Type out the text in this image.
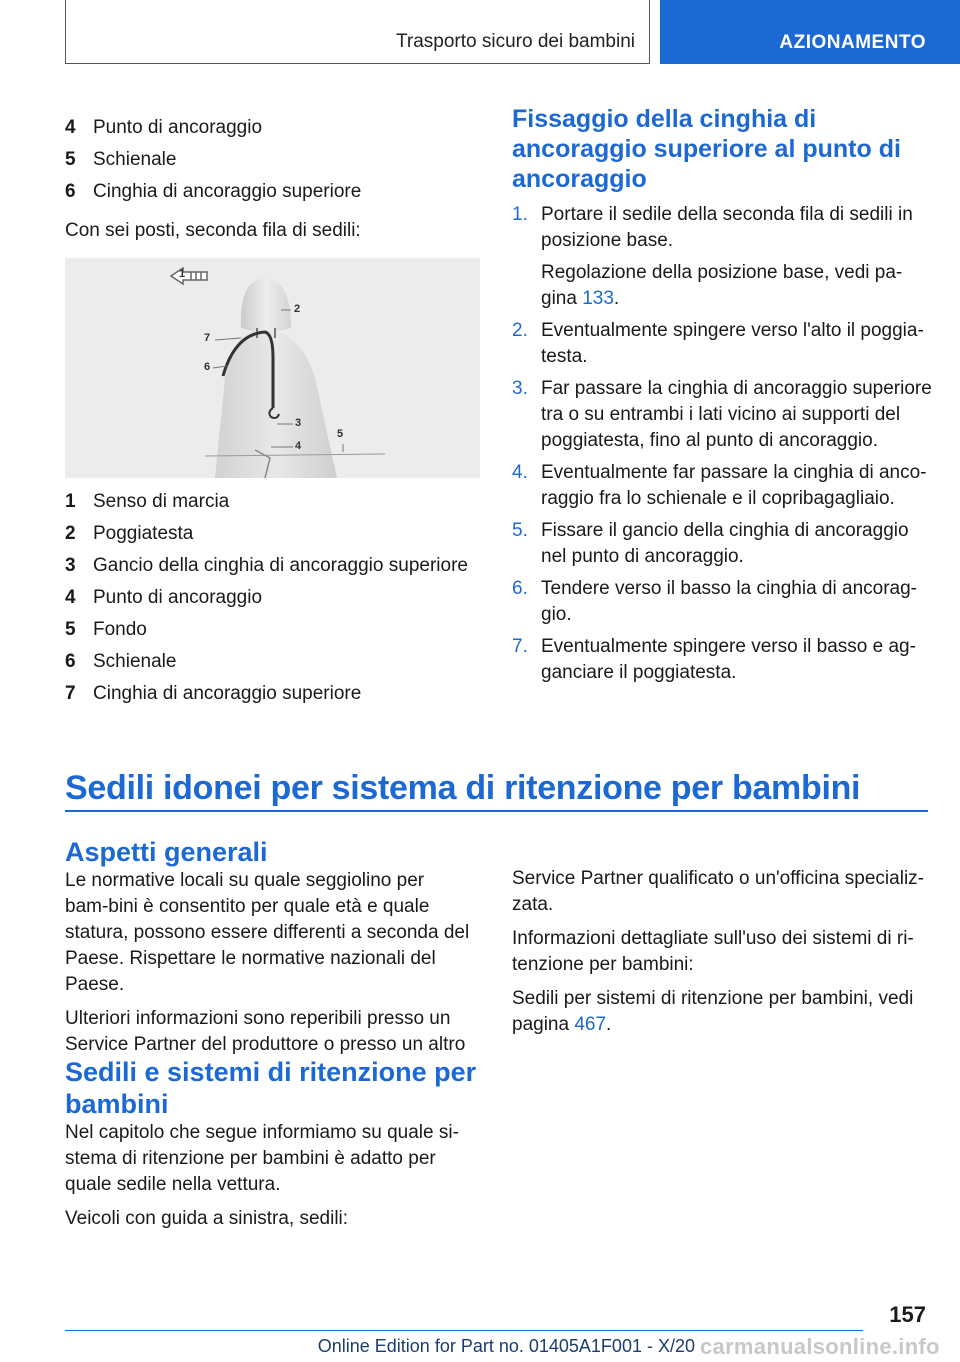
Trasporto sicuro dei bambini	AZIONAMENTO
4 Punto di ancoraggio
5 Schienale
6 Cinghia di ancoraggio superiore

Con sei posti, seconda fila di sedili:

1
2
7
6
3
5
4
1 Senso di marcia
2 Poggiatesta
3 Gancio della cinghia di ancoraggio superiore
4 Punto di ancoraggio
5 Fondo
6 Schienale
7 Cinghia di ancoraggio superiore
Fissaggio della cinghia di ancoraggio superiore al punto di ancoraggio
1. Portare il sedile della seconda fila di sedili in posizione base.
Regolazione della posizione base, vedi pa-gina 133.
2. Eventualmente spingere verso l'alto il poggia-testa.
3. Far passare la cinghia di ancoraggio superiore tra o su entrambi i lati vicino ai supporti del poggiatesta, fino al punto di ancoraggio.
4. Eventualmente far passare la cinghia di anco-raggio fra lo schienale e il copribagagliaio.
5. Fissare il gancio della cinghia di ancoraggio nel punto di ancoraggio.
6. Tendere verso il basso la cinghia di ancorag-gio.
7. Eventualmente spingere verso il basso e ag-ganciare il poggiatesta.
Sedili idonei per sistema di ritenzione per bambini
Aspetti generali

Le normative locali su quale seggiolino per bam-bini è consentito per quale età e quale statura, possono essere differenti a seconda del Paese. Rispettare le normative nazionali del Paese.

Ulteriori informazioni sono reperibili presso un Service Partner del produttore o presso un altro

Service Partner qualificato o un'officina specializ-zata.

Informazioni dettagliate sull'uso dei sistemi di ri-tenzione per bambini:

Sedili per sistemi di ritenzione per bambini, vedi pagina 467.

Sedili e sistemi di ritenzione per bambini

Nel capitolo che segue informiamo su quale si-stema di ritenzione per bambini è adatto per quale sedile nella vettura.

Veicoli con guida a sinistra, sedili:

157
Online Edition for Part no. 01405A1F001 - X/20 carmanualsonline.info
